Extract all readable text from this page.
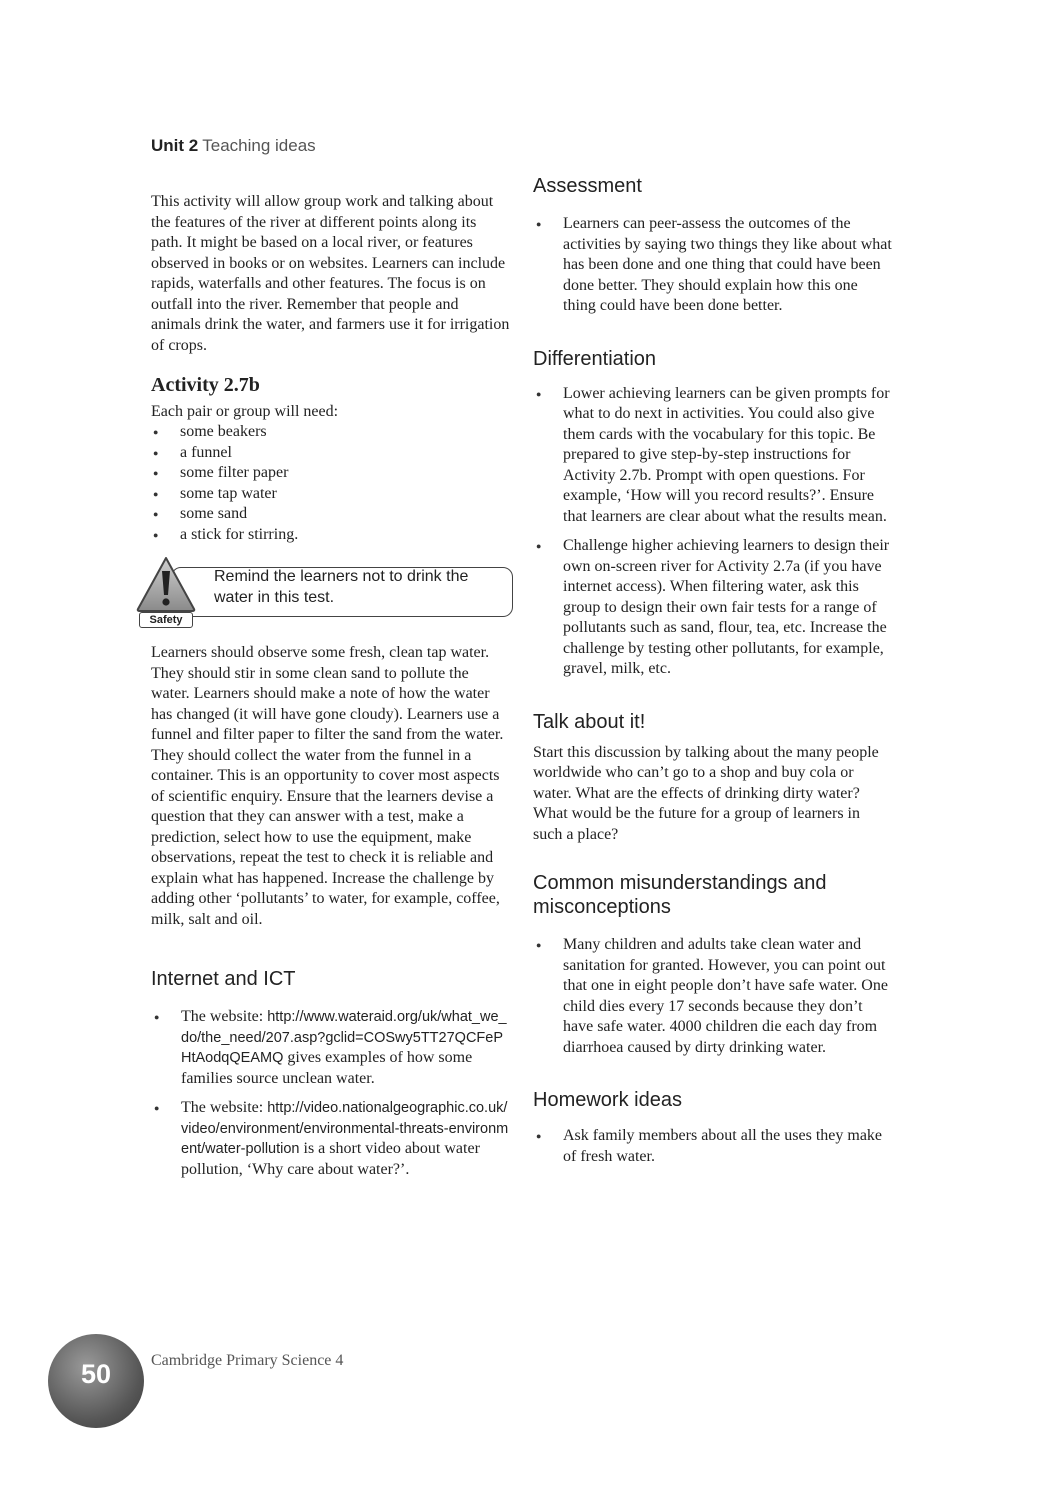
Unit 2 Teaching ideas

This activity will allow group work and talking about the features of the river at different points along its path. It might be based on a local river, or features observed in books or on websites. Learners can include rapids, waterfalls and other features. The focus is on outfall into the river. Remember that people and animals drink the water, and farmers use it for irrigation of crops.

Activity 2.7b

Each pair or group will need:

● some beakers
● a funnel
● some filter paper
● some tap water
● some sand
● a stick for stirring.
Safety
Remind the learners not to drink the water in this test.

Learners should observe some fresh, clean tap water. They should stir in some clean sand to pollute the water. Learners should make a note of how the water has changed (it will have gone cloudy). Learners use a funnel and filter paper to filter the sand from the water. They should collect the water from the funnel in a container. This is an opportunity to cover most aspects of scientific enquiry. Ensure that the learners devise a question that they can answer with a test, make a prediction, select how to use the equipment, make observations, repeat the test to check it is reliable and explain what has happened. Increase the challenge by adding other ‘pollutants’ to water, for example, coffee, milk, salt and oil.

Internet and ICT
● The website: http://www.wateraid.org/uk/what_we_do/the_need/207.asp?gclid=COSwy5TT27QCFePHtAodqQEAMQ gives examples of how some families source unclean water.
● The website: http://video.nationalgeographic.co.uk/video/environment/environmental-threats-environment/water-pollution is a short video about water pollution, ‘Why care about water?’.
Assessment
● Learners can peer-assess the outcomes of the activities by saying two things they like about what has been done and one thing that could have been done better. They should explain how this one thing could have been done better.
Differentiation
● Lower achieving learners can be given prompts for what to do next in activities. You could also give them cards with the vocabulary for this topic. Be prepared to give step-by-step instructions for Activity 2.7b. Prompt with open questions. For example, ‘How will you record results?’. Ensure that learners are clear about what the results mean.
● Challenge higher achieving learners to design their own on-screen river for Activity 2.7a (if you have internet access). When filtering water, ask this group to design their own fair tests for a range of pollutants such as sand, flour, tea, etc. Increase the challenge by testing other pollutants, for example, gravel, milk, etc.
Talk about it!

Start this discussion by talking about the many people worldwide who can’t go to a shop and buy cola or water. What are the effects of drinking dirty water? What would be the future for a group of learners in such a place?

Common misunderstandings and misconceptions
● Many children and adults take clean water and sanitation for granted. However, you can point out that one in eight people don’t have safe water. One child dies every 17 seconds because they don’t have safe water. 4000 children die each day from diarrhoea caused by dirty drinking water.
Homework ideas
● Ask family members about all the uses they make of fresh water.
50	Cambridge Primary Science 4
